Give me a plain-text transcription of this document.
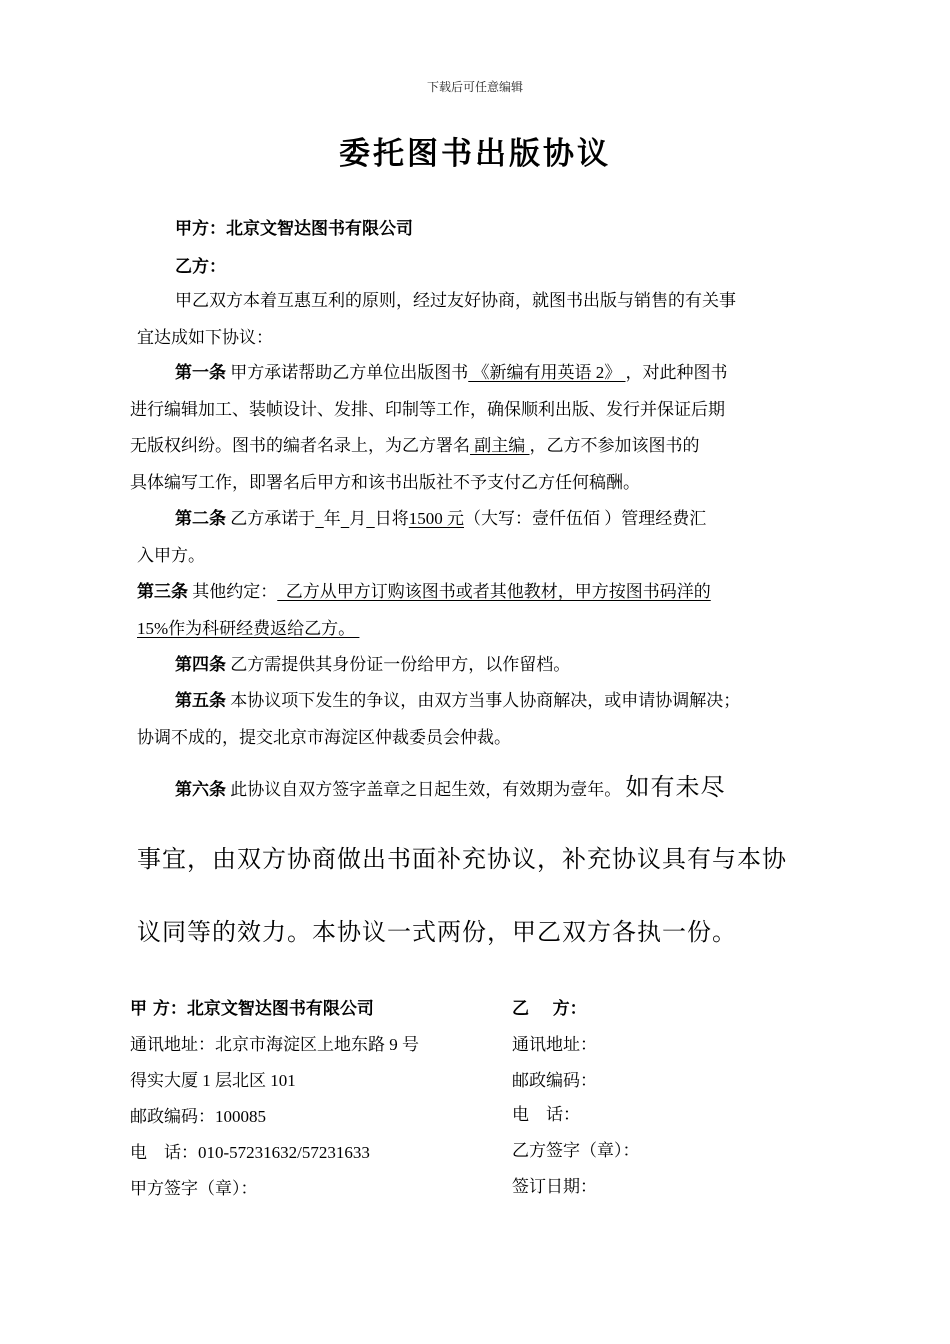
下载后可任意编辑
委托图书出版协议
甲方：北京文智达图书有限公司
乙方：
甲乙双方本着互惠互利的原则，经过友好协商，就图书出版与销售的有关事
宜达成如下协议：
第一条 甲方承诺帮助乙方单位出版图书 《新编有用英语 2》 ，对此种图书
进行编辑加工、装帧设计、发排、印制等工作，确保顺利出版、发行并保证后期
无版权纠纷。图书的编者名录上，为乙方署名 副主编 ，乙方不参加该图书的
具体编写工作，即署名后甲方和该书出版社不予支付乙方任何稿酬。
第二条 乙方承诺于 年 月 日将1500 元（大写：壹仟伍佰 ）管理经费汇
入甲方。
第三条 其他约定：  乙方从甲方订购该图书或者其他教材，甲方按图书码洋的
15%作为科研经费返给乙方。
第四条 乙方需提供其身份证一份给甲方，以作留档。
第五条 本协议项下发生的争议，由双方当事人协商解决，或申请协调解决；
协调不成的，提交北京市海淀区仲裁委员会仲裁。
第六条 此协议自双方签字盖章之日起生效，有效期为壹年。 如有未尽
事宜，由双方协商做出书面补充协议，补充协议具有与本协
议同等的效力。本协议一式两份，甲乙双方各执一份。
甲 方：北京文智达图书有限公司
通讯地址：北京市海淀区上地东路 9 号
得实大厦 1 层北区 101
邮政编码：100085
电    话：010-57231632/57231633
甲方签字（章）：
乙    方：
通讯地址：
邮政编码：
电    话：
乙方签字（章）：
签订日期：
